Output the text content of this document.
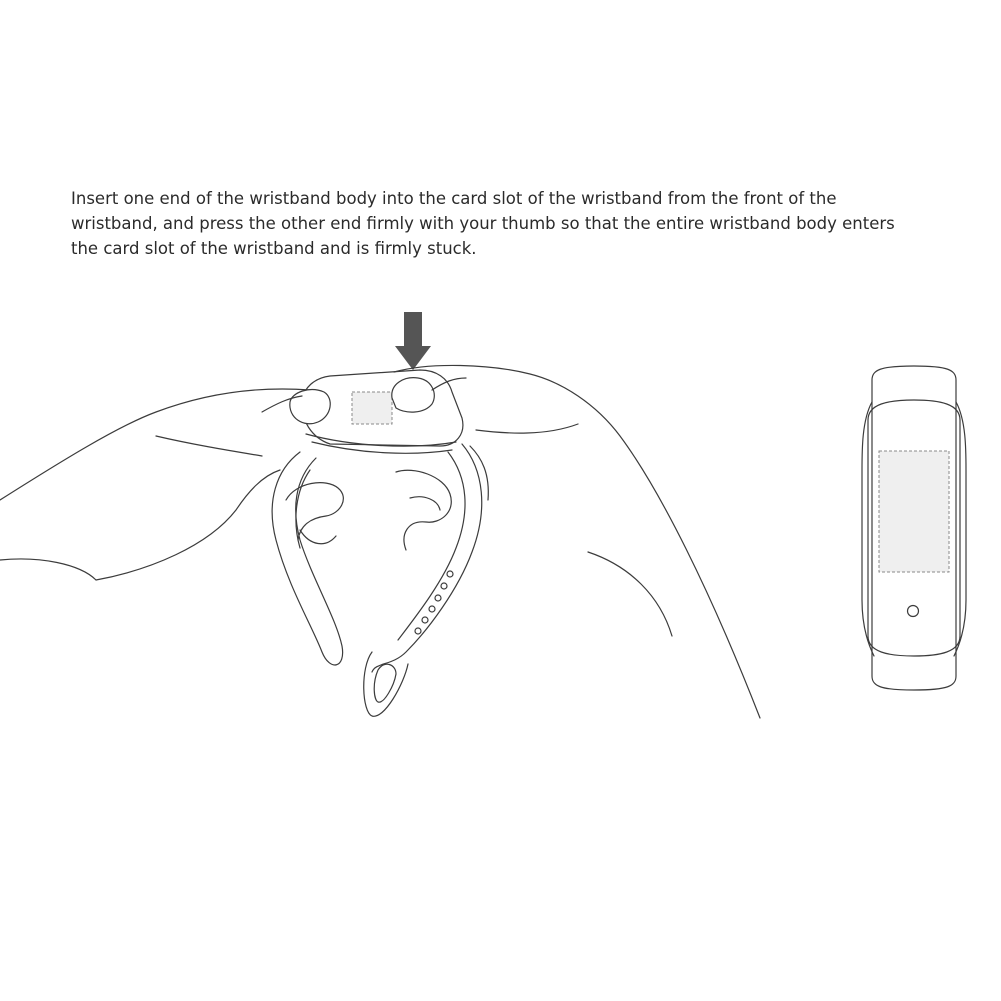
Insert one end of the wristband body into the card slot of the wristband from the front of the
wristband, and press the other end firmly with your thumb so that the entire wristband body enters
the card slot of the wristband and is firmly stuck.
